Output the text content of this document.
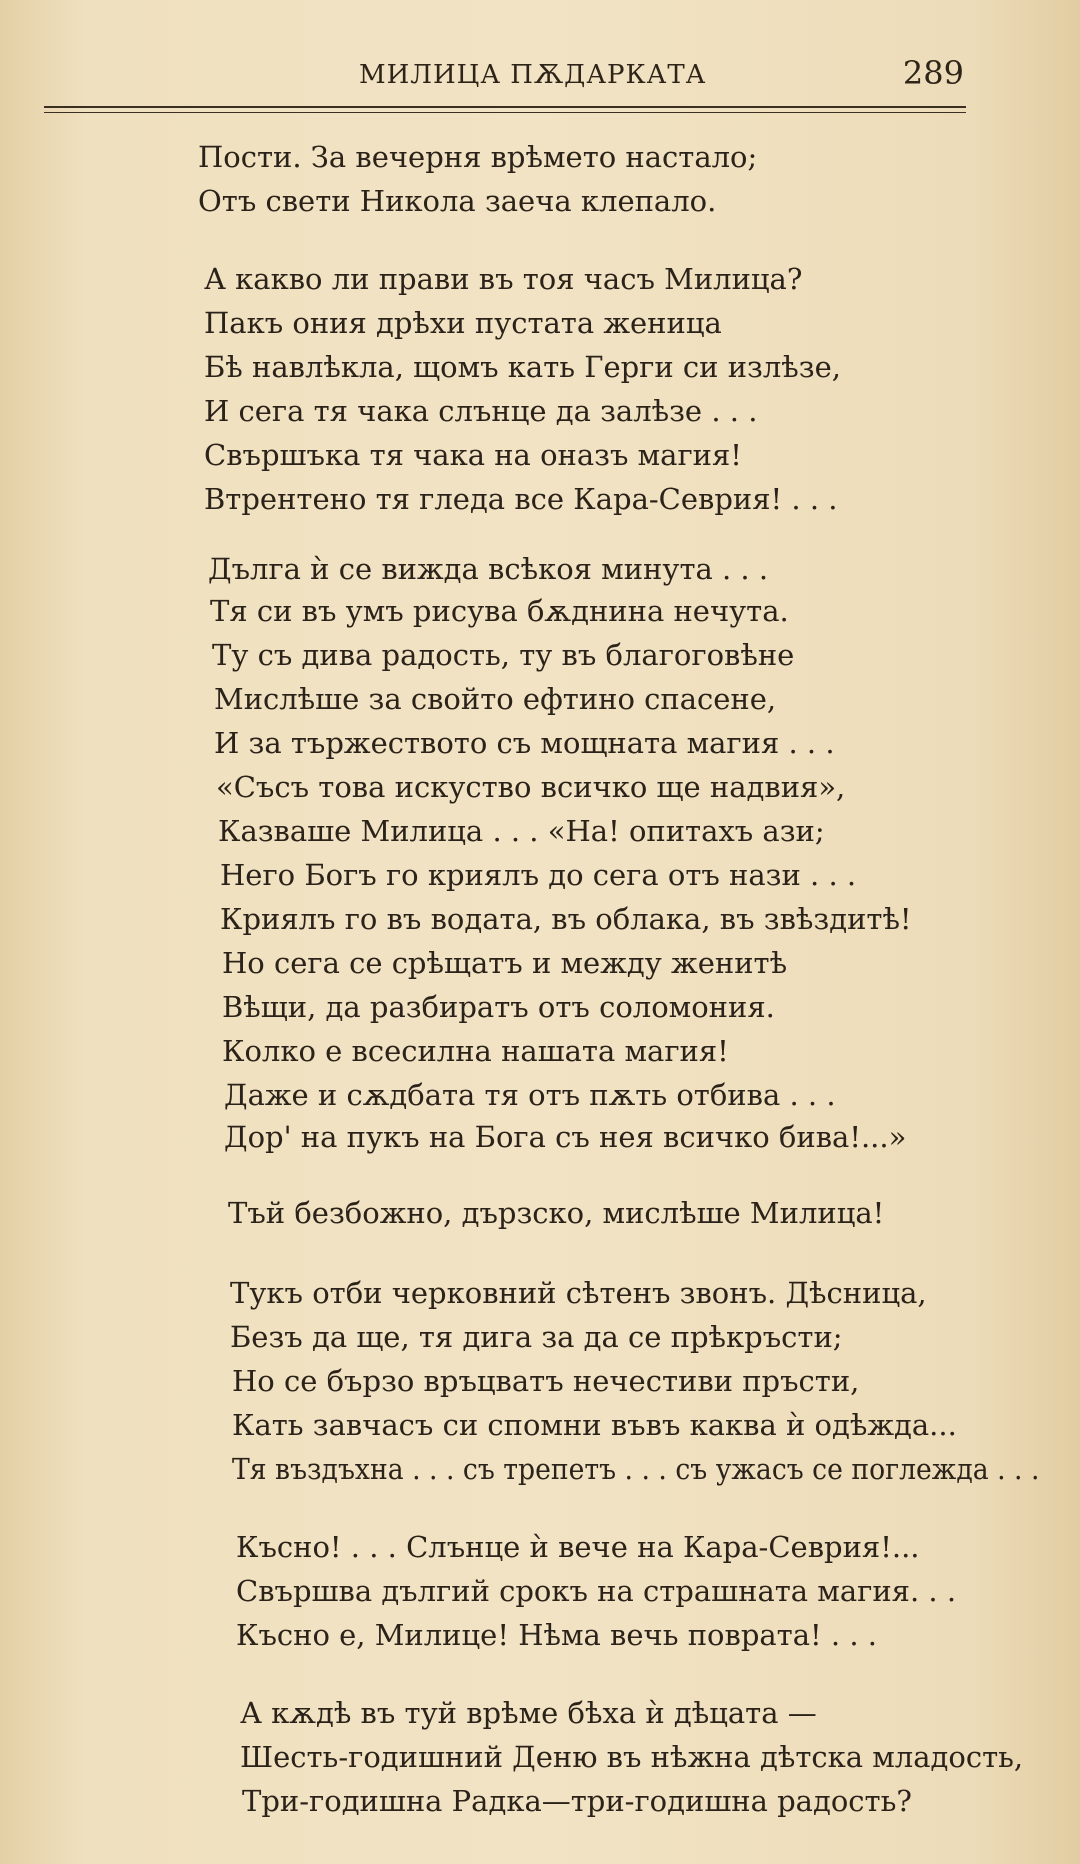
МИЛИЦА ПѪДАРКАТА	289
Пости. За вечерня врѣмето настало;
Отъ свети Никола заеча клепало.
А какво ли прави въ тоя часъ Милица?
Пакъ ония дрѣхи пустата женица
Бѣ навлѣкла, щомъ кать Герги си излѣзе,
И сега тя чака слънце да залѣзе . . .
Свършъка тя чака на оназъ магия!
Втрентено тя гледа все Кара-Севрия! . . .
Дълга ѝ се вижда всѣкоя минута . . .
Тя си въ умъ рисува бѫднина нечута.
Ту съ дива радость, ту въ благоговѣне
Мислѣше за свойто ефтино спасене,
И за тържеството съ мощната магия . . .
«Съсъ това искуство всичко ще надвия»,
Казваше Милица . . . «На! опитахъ ази;
Него Богъ го криялъ до сега отъ нази . . .
Криялъ го въ водата, въ облака, въ звѣздитѣ!
Но сега се срѣщатъ и между женитѣ
Вѣщи, да разбиратъ отъ соломония.
Колко е всесилна нашата магия!
Даже и сѫдбата тя отъ пѫть отбива . . .
Дор' на пукъ на Бога съ нея всичко бива!...»
Тъй безбожно, дързско, мислѣше Милица!
Тукъ отби черковний сѣтенъ звонъ. Дѣсница,
Безъ да ще, тя дига за да се прѣкръсти;
Но се бързо връцватъ нечестиви пръсти,
Кать завчасъ си спомни въвъ каква ѝ одѣжда...
Тя въздъхна . . . съ трепетъ . . . съ ужасъ се поглежда . . .
Късно! . . . Слънце ѝ вече на Кара-Севрия!...
Свършва дългий срокъ на страшната магия. . .
Късно е, Милице! Нѣма вечь поврата! . . .
А кѫдѣ въ туй врѣме бѣха ѝ дѣцата —
Шесть-годишний Деню въ нѣжна дѣтска младость,
Три-годишна Радка—три-годишна радость?
